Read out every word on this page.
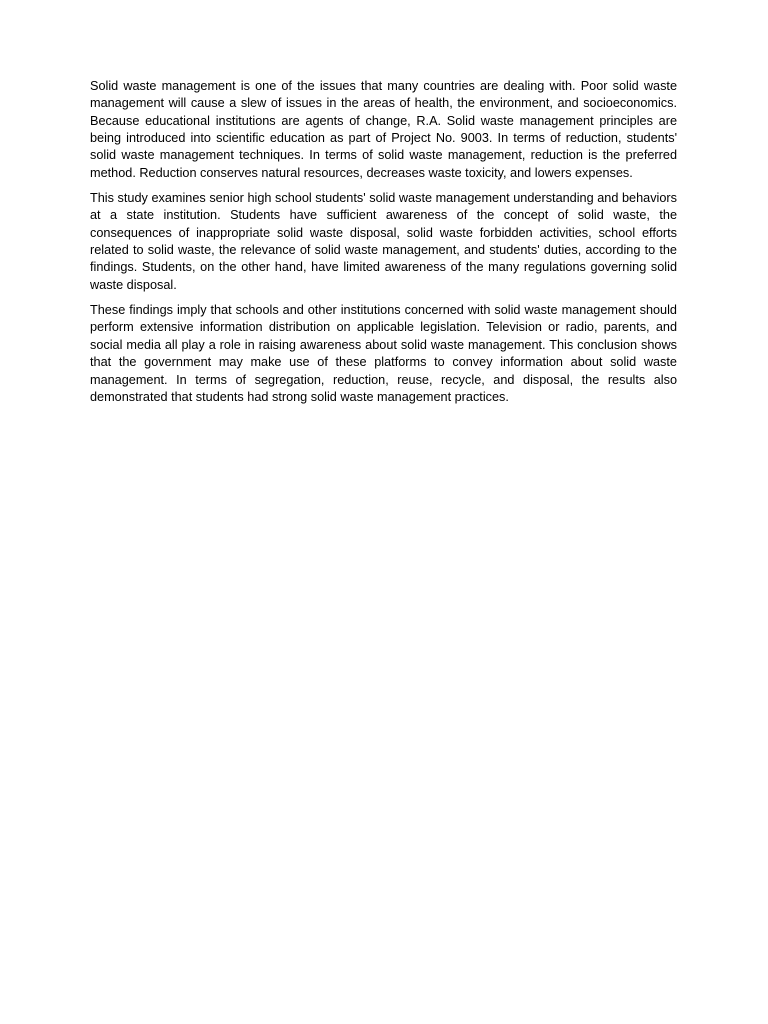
Solid waste management is one of the issues that many countries are dealing with. Poor solid waste management will cause a slew of issues in the areas of health, the environment, and socioeconomics. Because educational institutions are agents of change, R.A. Solid waste management principles are being introduced into scientific education as part of Project No. 9003. In terms of reduction, students' solid waste management techniques. In terms of solid waste management, reduction is the preferred method. Reduction conserves natural resources, decreases waste toxicity, and lowers expenses.

This study examines senior high school students' solid waste management understanding and behaviors at a state institution. Students have sufficient awareness of the concept of solid waste, the consequences of inappropriate solid waste disposal, solid waste forbidden activities, school efforts related to solid waste, the relevance of solid waste management, and students' duties, according to the findings. Students, on the other hand, have limited awareness of the many regulations governing solid waste disposal.

These findings imply that schools and other institutions concerned with solid waste management should perform extensive information distribution on applicable legislation. Television or radio, parents, and social media all play a role in raising awareness about solid waste management. This conclusion shows that the government may make use of these platforms to convey information about solid waste management. In terms of segregation, reduction, reuse, recycle, and disposal, the results also demonstrated that students had strong solid waste management practices.
